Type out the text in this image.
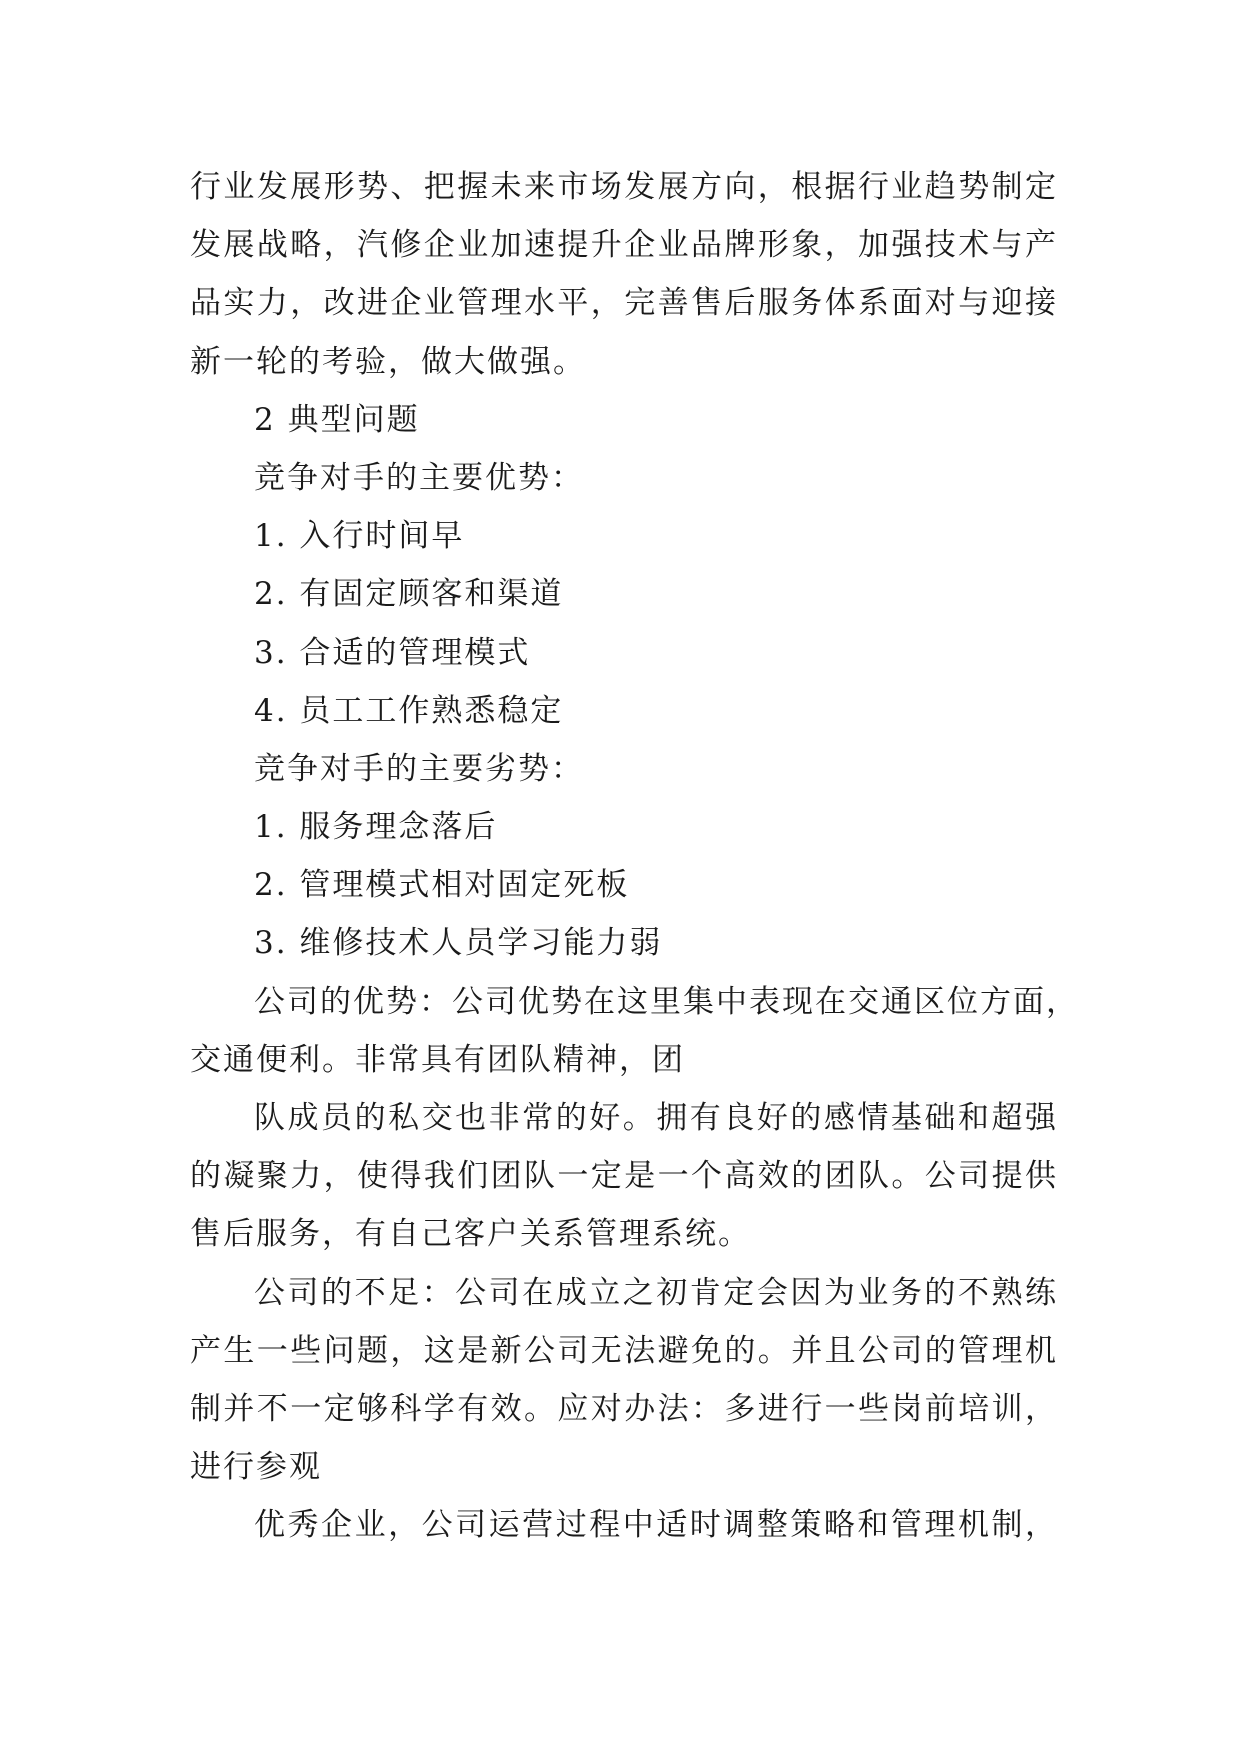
行业发展形势、把握未来市场发展方向，根据行业趋势制定
发展战略，汽修企业加速提升企业品牌形象，加强技术与产
品实力，改进企业管理水平，完善售后服务体系面对与迎接
新一轮的考验，做大做强。
2 典型问题
竞争对手的主要优势：
1. 入行时间早
2. 有固定顾客和渠道
3. 合适的管理模式
4. 员工工作熟悉稳定
竞争对手的主要劣势：
1. 服务理念落后
2. 管理模式相对固定死板
3. 维修技术人员学习能力弱
公司的优势：公司优势在这里集中表现在交通区位方面，
交通便利。非常具有团队精神，团
队成员的私交也非常的好。拥有良好的感情基础和超强
的凝聚力，使得我们团队一定是一个高效的团队。公司提供
售后服务，有自己客户关系管理系统。
公司的不足：公司在成立之初肯定会因为业务的不熟练
产生一些问题，这是新公司无法避免的。并且公司的管理机
制并不一定够科学有效。应对办法：多进行一些岗前培训，
进行参观
优秀企业，公司运营过程中适时调整策略和管理机制，
